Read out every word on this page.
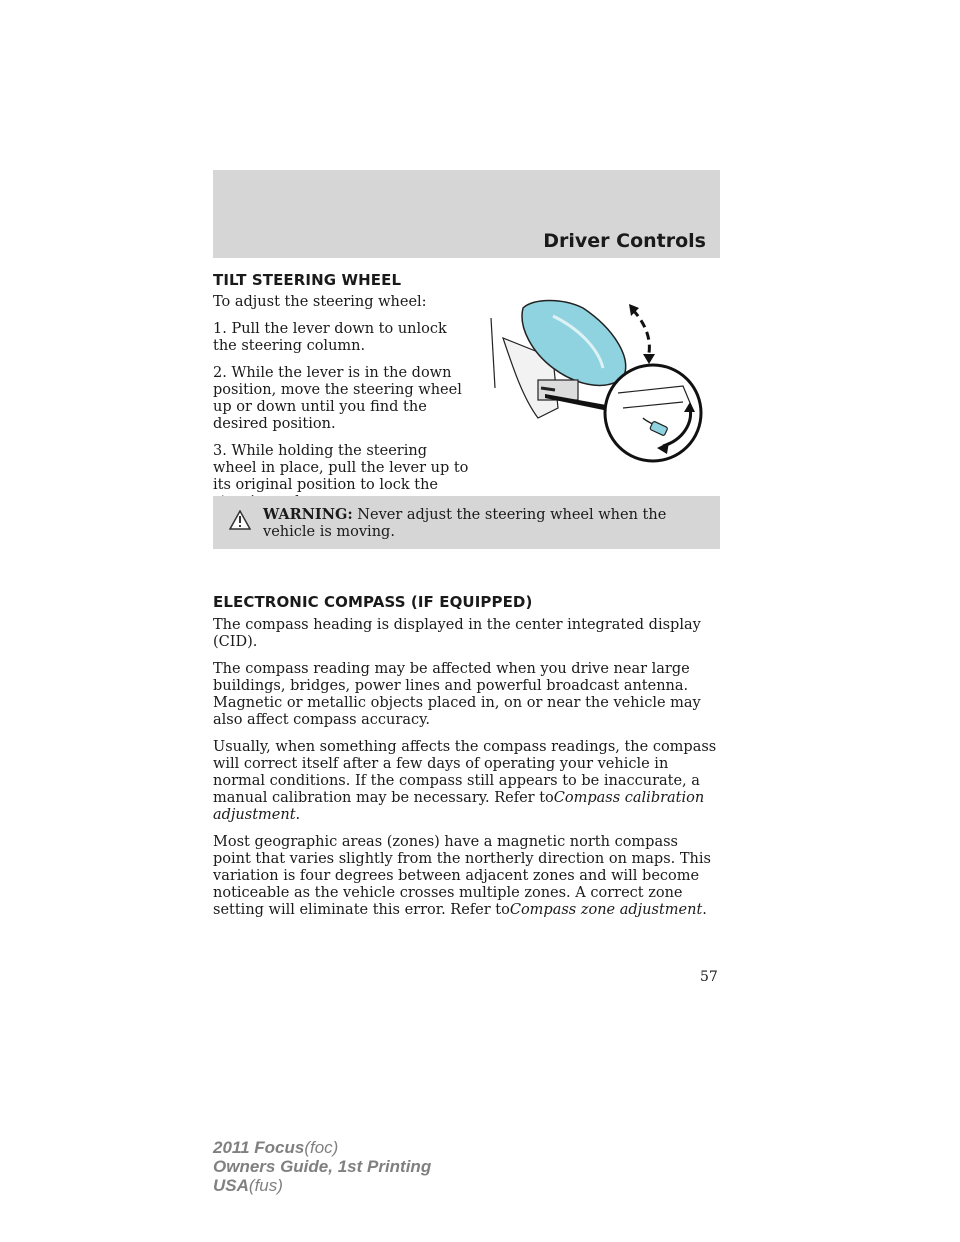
Driver Controls
TILT STEERING WHEEL

To adjust the steering wheel:

1. Pull the lever down to unlock the steering column.

2. While the lever is in the down position, move the steering wheel up or down until you find the desired position.

3. While holding the steering wheel in place, pull the lever up to its original position to lock the

WARNING: Never adjust the steering wheel when the vehicle is moving.
ELECTRONIC COMPASS (IF EQUIPPED)

The compass heading is displayed in the center integrated display (CID).

The compass reading may be affected when you drive near large buildings, bridges, power lines and powerful broadcast antenna. Magnetic or metallic objects placed in, on or near the vehicle may also affect compass accuracy.

Usually, when something affects the compass readings, the compass will correct itself after a few days of operating your vehicle in normal conditions. If the compass still appears to be inaccurate, a manual calibration may be necessary. Refer toCompass calibration adjustment.

Most geographic areas (zones) have a magnetic north compass point that varies slightly from the northerly direction on maps. This variation is four degrees between adjacent zones and will become noticeable as the vehicle crosses multiple zones. A correct zone setting will eliminate this error. Refer toCompass zone adjustment.

57
2011 Focus(foc)
Owners Guide, 1st Printing
USA(fus)
